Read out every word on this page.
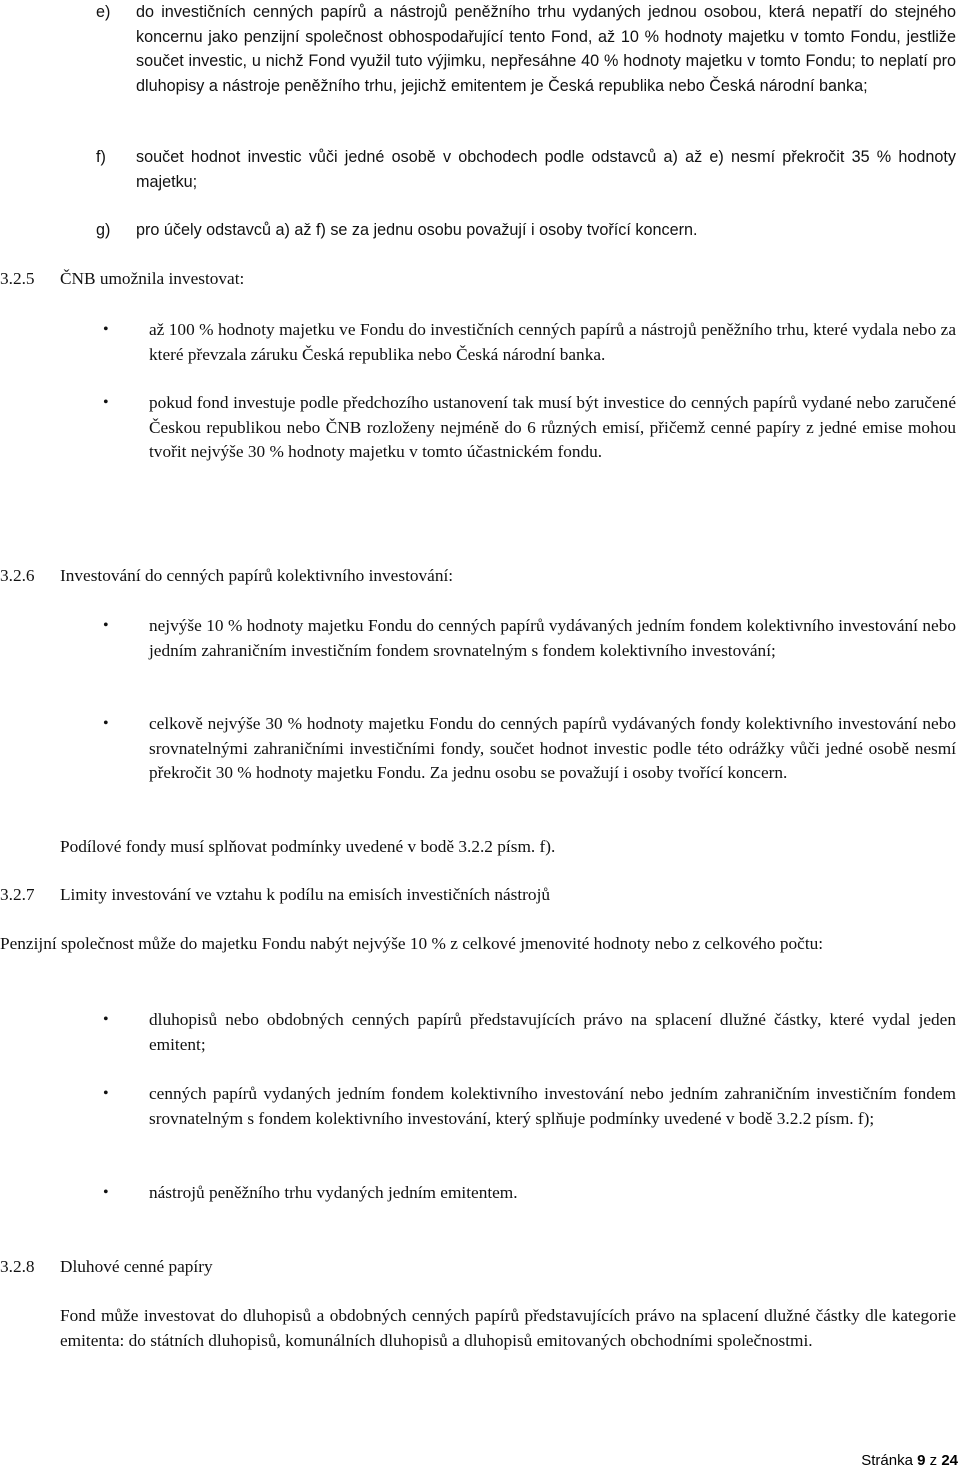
e) do investičních cenných papírů a nástrojů peněžního trhu vydaných jednou osobou, která nepatří do stejného koncernu jako penzijní společnost obhospodařující tento Fond, až 10 % hodnoty majetku v tomto Fondu, jestliže součet investic, u nichž Fond využil tuto výjimku, nepřesáhne 40 % hodnoty majetku v tomto Fondu; to neplatí pro dluhopisy a nástroje peněžního trhu, jejichž emitentem je Česká republika nebo Česká národní banka;
f) součet hodnot investic vůči jedné osobě v obchodech podle odstavců a) až e) nesmí překročit 35 % hodnoty majetku;
g) pro účely odstavců a) až f) se za jednu osobu považují i osoby tvořící koncern.
3.2.5 ČNB umožnila investovat:
• až 100 % hodnoty majetku ve Fondu do investičních cenných papírů a nástrojů peněžního trhu, které vydala nebo za které převzala záruku Česká republika nebo Česká národní banka.
• pokud fond investuje podle předchozího ustanovení tak musí být investice do cenných papírů vydané nebo zaručené Českou republikou nebo ČNB rozloženy nejméně do 6 různých emisí, přičemž cenné papíry z jedné emise mohou tvořit nejvýše 30 % hodnoty majetku v tomto účastnickém fondu.
3.2.6 Investování do cenných papírů kolektivního investování:
• nejvýše 10 % hodnoty majetku Fondu do cenných papírů vydávaných jedním fondem kolektivního investování nebo jedním zahraničním investičním fondem srovnatelným s fondem kolektivního investování;
• celkově nejvýše 30 % hodnoty majetku Fondu do cenných papírů vydávaných fondy kolektivního investování nebo srovnatelnými zahraničními investičními fondy, součet hodnot investic podle této odrážky vůči jedné osobě nesmí překročit 30 % hodnoty majetku Fondu. Za jednu osobu se považují i osoby tvořící koncern.
Podílové fondy musí splňovat podmínky uvedené v bodě 3.2.2 písm. f).
3.2.7 Limity investování ve vztahu k podílu na emisích investičních nástrojů
Penzijní společnost může do majetku Fondu nabýt nejvýše 10 % z celkové jmenovité hodnoty nebo z celkového počtu:
• dluhopisů nebo obdobných cenných papírů představujících právo na splacení dlužné částky, které vydal jeden emitent;
• cenných papírů vydaných jedním fondem kolektivního investování nebo jedním zahraničním investičním fondem srovnatelným s fondem kolektivního investování, který splňuje podmínky uvedené v bodě 3.2.2 písm. f);
• nástrojů peněžního trhu vydaných jedním emitentem.
3.2.8 Dluhové cenné papíry
Fond může investovat do dluhopisů a obdobných cenných papírů představujících právo na splacení dlužné částky dle kategorie emitenta: do státních dluhopisů, komunálních dluhopisů a dluhopisů emitovaných obchodními společnostmi.
Stránka 9 z 24
